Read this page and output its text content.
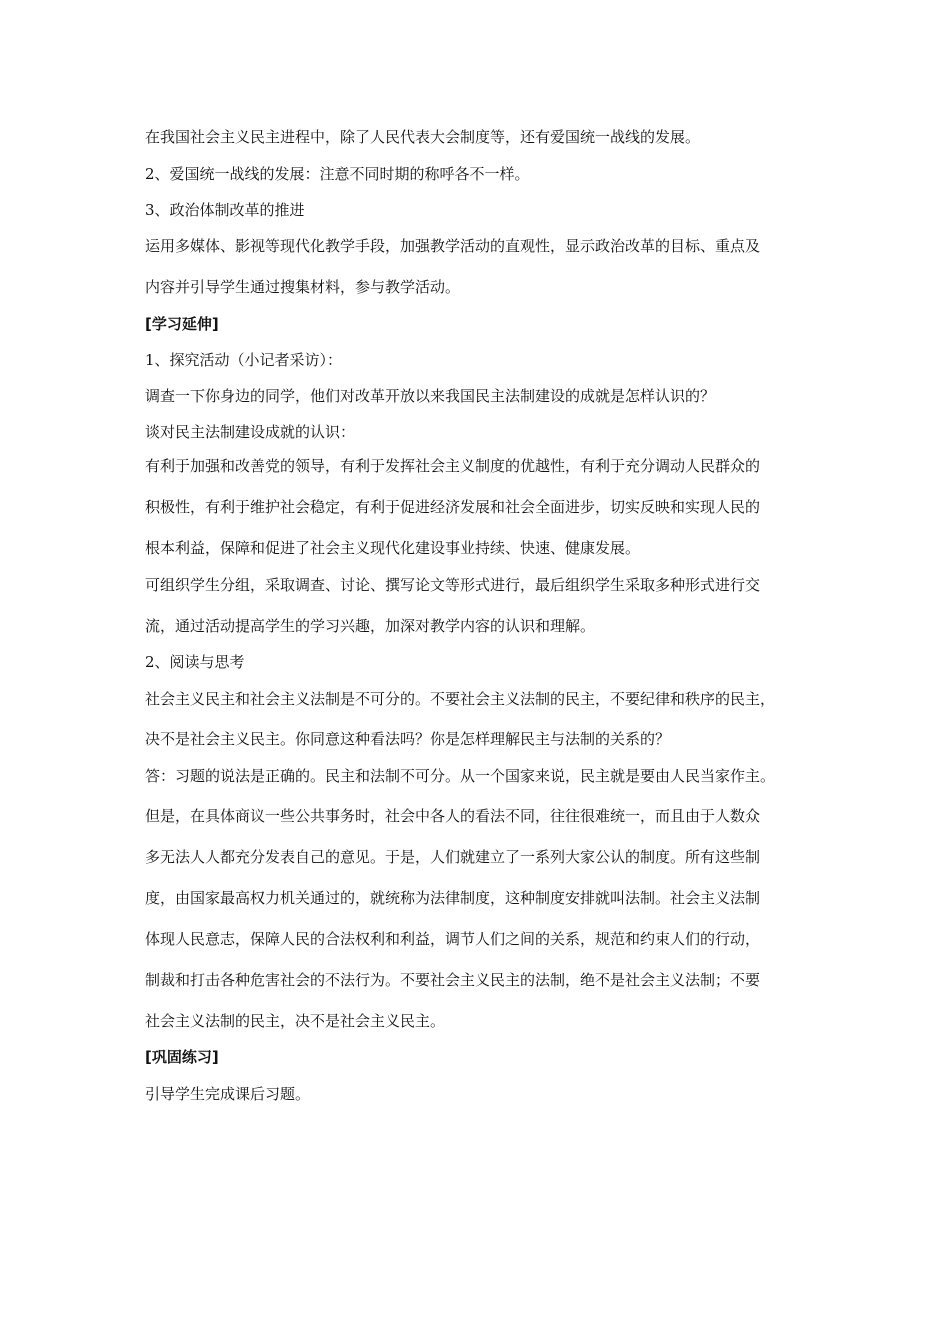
在我国社会主义民主进程中，除了人民代表大会制度等，还有爱国统一战线的发展。
2、爱国统一战线的发展：注意不同时期的称呼各不一样。
3、政治体制改革的推进
运用多媒体、影视等现代化教学手段，加强教学活动的直观性，显示政治改革的目标、重点及
内容并引导学生通过搜集材料，参与教学活动。
[学习延伸]
1、探究活动（小记者采访）：
调查一下你身边的同学，他们对改革开放以来我国民主法制建设的成就是怎样认识的？
谈对民主法制建设成就的认识：
有利于加强和改善党的领导，有利于发挥社会主义制度的优越性，有利于充分调动人民群众的
积极性，有利于维护社会稳定，有利于促进经济发展和社会全面进步，切实反映和实现人民的
根本利益，保障和促进了社会主义现代化建设事业持续、快速、健康发展。
可组织学生分组，采取调查、讨论、撰写论文等形式进行，最后组织学生采取多种形式进行交
流，通过活动提高学生的学习兴趣，加深对教学内容的认识和理解。
2、阅读与思考
社会主义民主和社会主义法制是不可分的。不要社会主义法制的民主，不要纪律和秩序的民主，
决不是社会主义民主。你同意这种看法吗？你是怎样理解民主与法制的关系的？
答：习题的说法是正确的。民主和法制不可分。从一个国家来说，民主就是要由人民当家作主。
但是，在具体商议一些公共事务时，社会中各人的看法不同，往往很难统一，而且由于人数众
多无法人人都充分发表自己的意见。于是，人们就建立了一系列大家公认的制度。所有这些制
度，由国家最高权力机关通过的，就统称为法律制度，这种制度安排就叫法制。社会主义法制
体现人民意志，保障人民的合法权利和利益，调节人们之间的关系，规范和约束人们的行动，
制裁和打击各种危害社会的不法行为。不要社会主义民主的法制，绝不是社会主义法制；不要
社会主义法制的民主，决不是社会主义民主。
[巩固练习]
引导学生完成课后习题。
